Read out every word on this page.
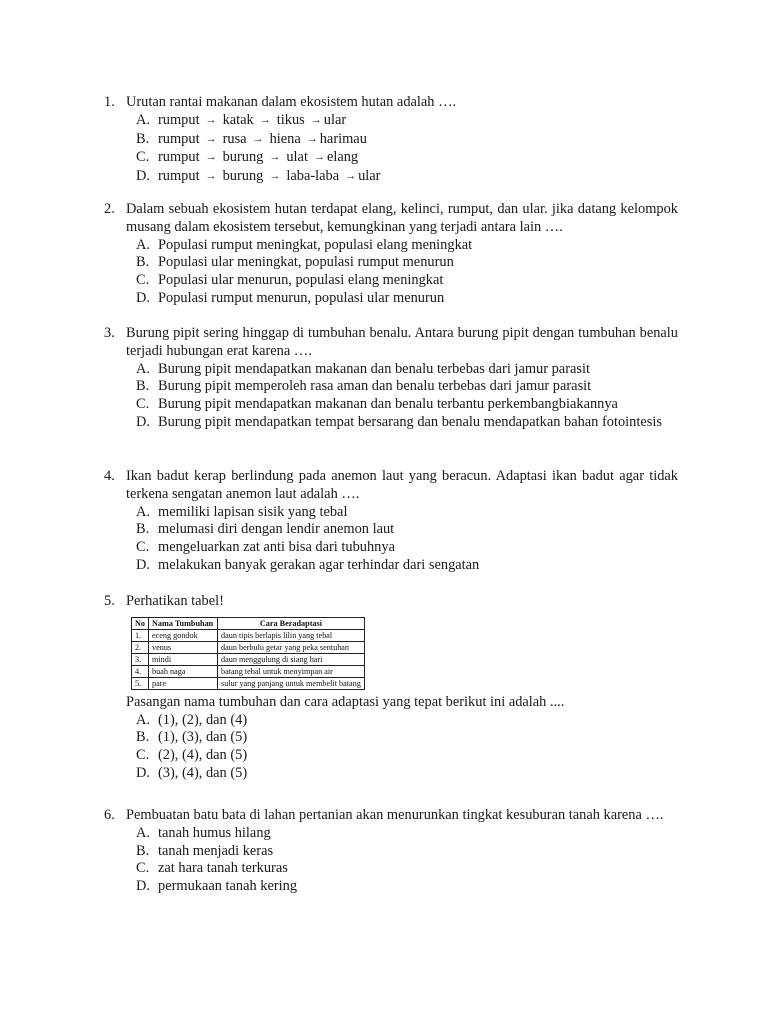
1. Urutan rantai makanan dalam ekosistem hutan adalah ….
A. rumput → katak → tikus → ular
B. rumput → rusa → hiena → harimau
C. rumput → burung → ulat → elang
D. rumput → burung → laba-laba → ular
2. Dalam sebuah ekosistem hutan terdapat elang, kelinci, rumput, dan ular. jika datang kelompok musang dalam ekosistem tersebut, kemungkinan yang terjadi antara lain ….
A. Populasi rumput meningkat, populasi elang meningkat
B. Populasi ular meningkat, populasi rumput menurun
C. Populasi ular menurun, populasi elang meningkat
D. Populasi rumput menurun, populasi ular menurun
3. Burung pipit sering hinggap di tumbuhan benalu. Antara burung pipit dengan tumbuhan benalu terjadi hubungan erat karena ….
A. Burung pipit mendapatkan makanan dan benalu terbebas dari jamur parasit
B. Burung pipit memperoleh rasa aman dan benalu terbebas dari jamur parasit
C. Burung pipit mendapatkan makanan dan benalu terbantu perkembangbiakannya
D. Burung pipit mendapatkan tempat bersarang dan benalu mendapatkan bahan fotointesis
4. Ikan badut kerap berlindung pada anemon laut yang beracun. Adaptasi ikan badut agar tidak terkena sengatan anemon laut adalah ….
A. memiliki lapisan sisik yang tebal
B. melumasi diri dengan lendir anemon laut
C. mengeluarkan zat anti bisa dari tubuhnya
D. melakukan banyak gerakan agar terhindar dari sengatan
5. Perhatikan tabel!
No	Nama Tumbuhan	Cara Beradaptasi
1.	eceng gondok	daun tipis berlapis lilin yang tebal
2.	venus	daun berbulu getar yang peka sentuhan
3.	mindi	daun menggulung di siang hari
4.	buah naga	batang tebal untuk menyimpan air
5.	pare	sulur yang panjang untuk membelit batang
Pasangan nama tumbuhan dan cara adaptasi yang tepat berikut ini adalah ....
A. (1), (2), dan (4)
B. (1), (3), dan (5)
C. (2), (4), dan (5)
D. (3), (4), dan (5)
6. Pembuatan batu bata di lahan pertanian akan menurunkan tingkat kesuburan tanah karena ….
A. tanah humus hilang
B. tanah menjadi keras
C. zat hara tanah terkuras
D. permukaan tanah kering
